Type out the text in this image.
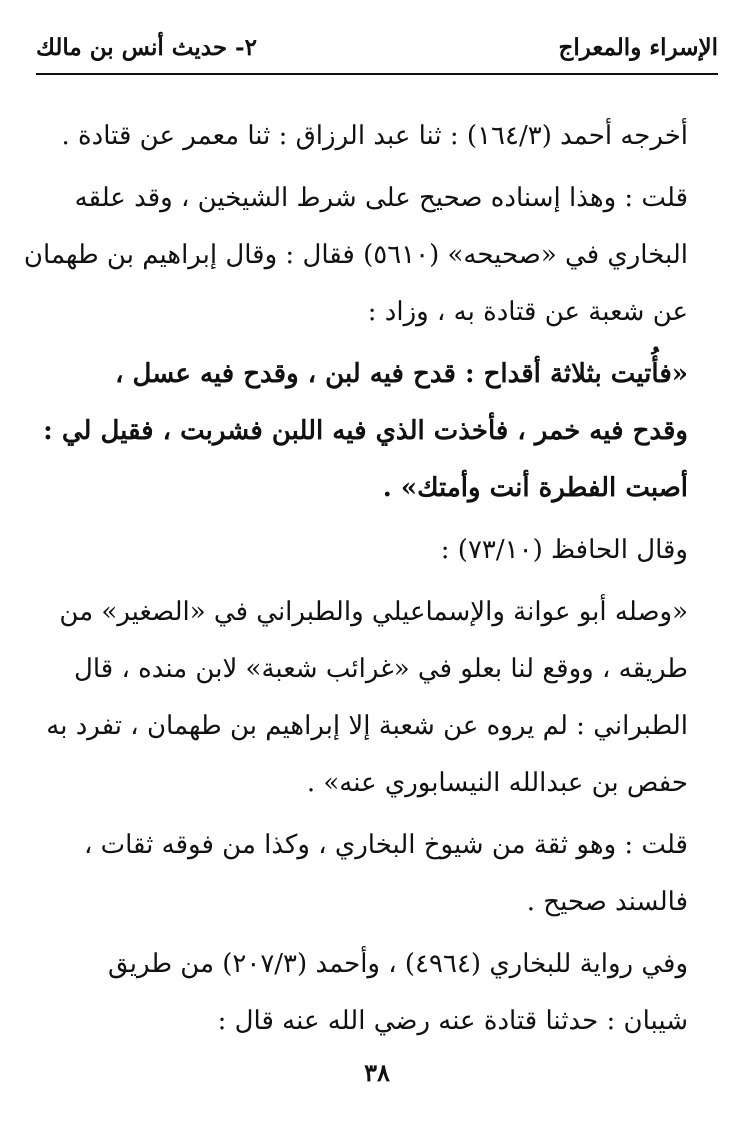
الإسراء والمعراج
٢- حديث أنس بن مالك

أخرجه أحمد (١٦٤/٣) : ثنا عبد الرزاق : ثنا معمر عن قتادة .

قلت : وهذا إسناده صحيح على شرط الشيخين ، وقد علقه
البخاري في «صحيحه» (٥٦١٠) فقال : وقال إبراهيم بن طهمان
عن شعبة عن قتادة به ، وزاد :

«فأُتيت بثلاثة أقداح : قدح فيه لبن ، وقدح فيه عسل ،
وقدح فيه خمر ، فأخذت الذي فيه اللبن فشربت ، فقيل لي :
أصبت الفطرة أنت وأمتك» .

وقال الحافظ (٧٣/١٠) :

«وصله أبو عوانة والإسماعيلي والطبراني في «الصغير» من
طريقه ، ووقع لنا بعلو في «غرائب شعبة» لابن منده ، قال
الطبراني : لم يروه عن شعبة إلا إبراهيم بن طهمان ، تفرد به
حفص بن عبدالله النيسابوري عنه» .

قلت : وهو ثقة من شيوخ البخاري ، وكذا من فوقه ثقات ،
فالسند صحيح .

وفي رواية للبخاري (٤٩٦٤) ، وأحمد (٢٠٧/٣) من طريق
شيبان : حدثنا قتادة عنه رضي الله عنه قال :

٣٨
